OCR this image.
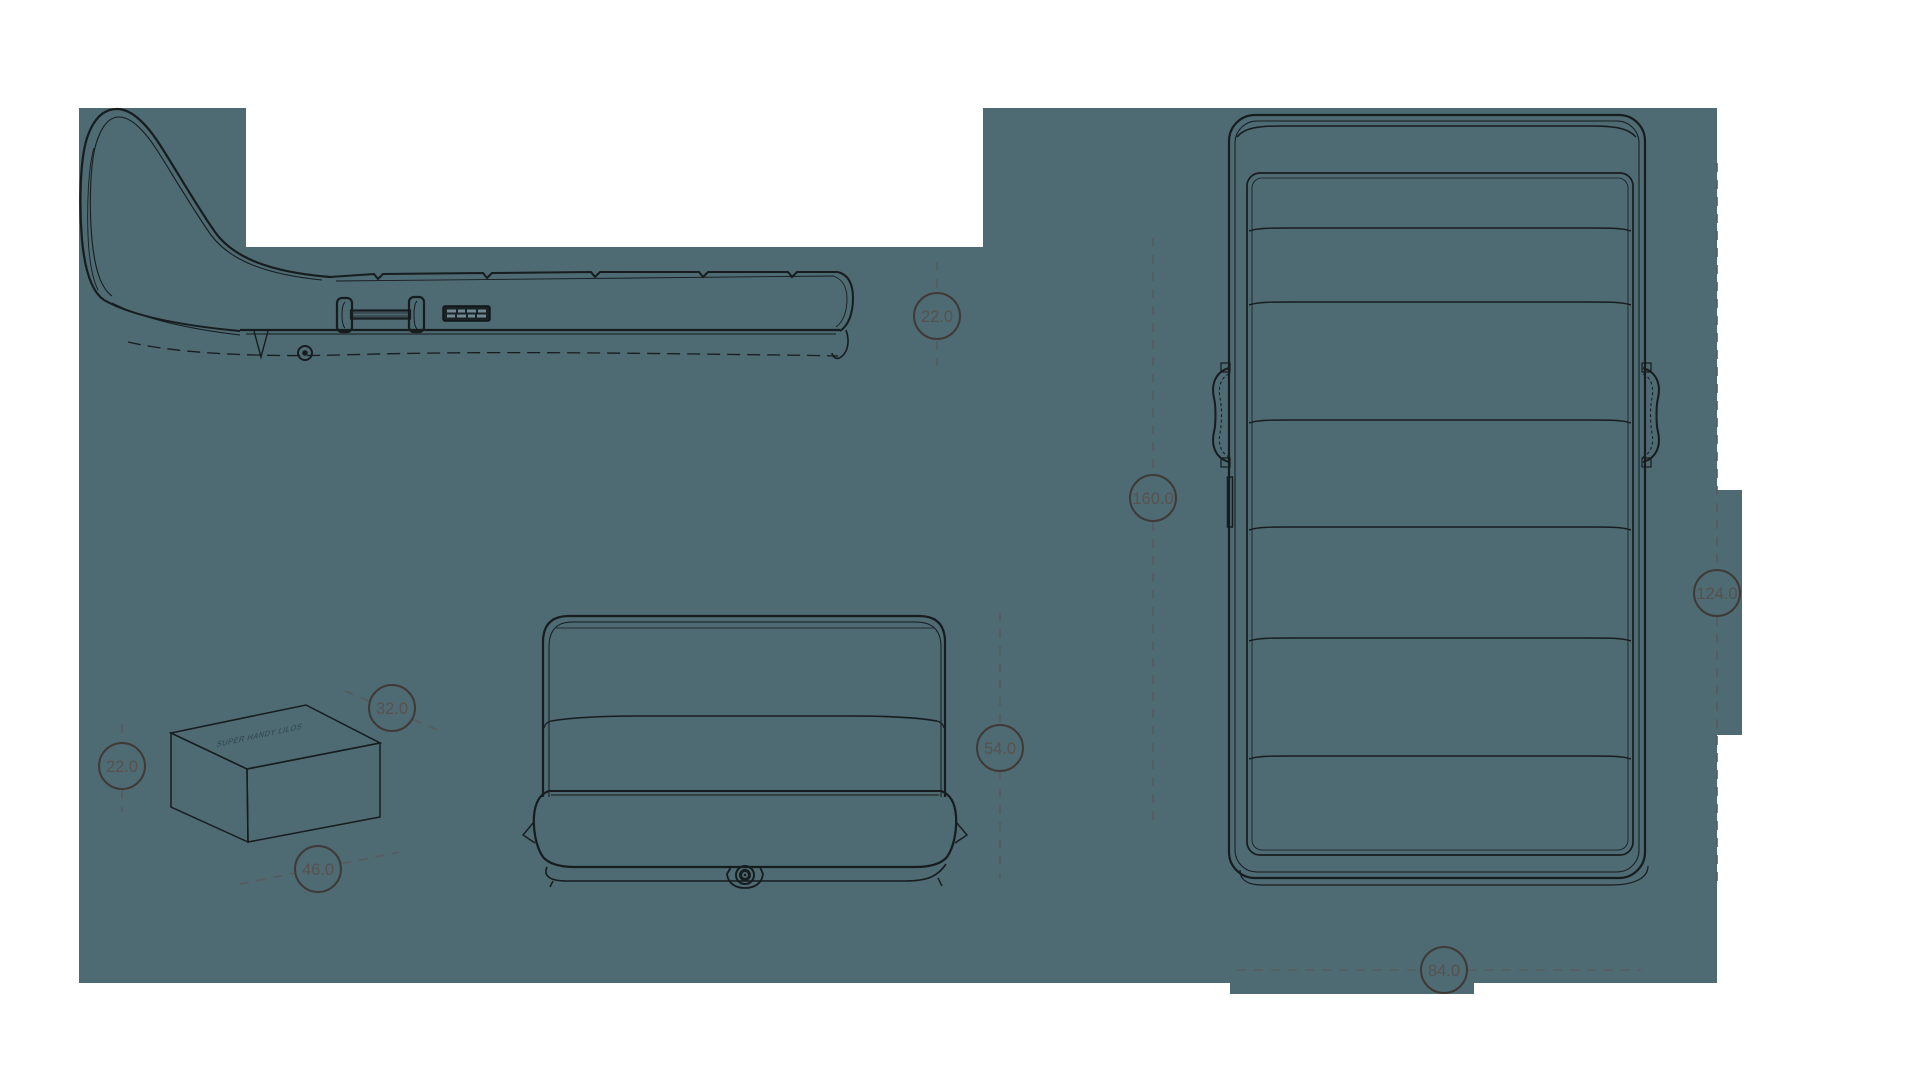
SUPER HANDY LILOS
22.0
160.0
124.0
54.0
84.0
22.0
46.0
32.0
